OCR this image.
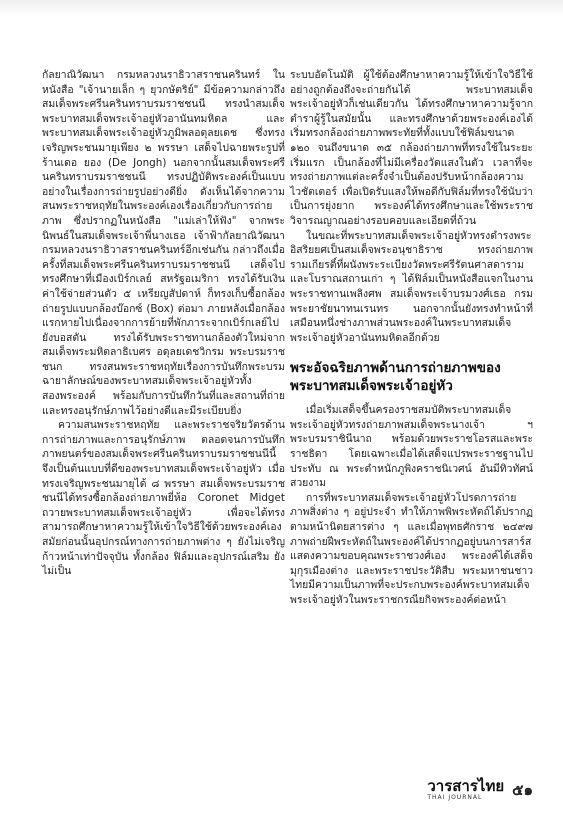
กัลยาณิวัฒนา กรมหลวงนราธิวาสราชนครินทร์ ในหนังสือ "เจ้านายเล็ก ๆ ยุวกษัตริย์" มีข้อความกล่าวถึงสมเด็จพระศรีนครินทราบรมราชชนนี ทรงนำสมเด็จพระบาทสมเด็จพระเจ้าอยู่หัวอานันทมหิดล และพระบาทสมเด็จพระเจ้าอยู่หัวภูมิพลอดุลยเดช ซึ่งทรงเจริญพระชนมายุเพียง ๒ พรรษา เสด็จไปฉายพระรูปที่ ร้านเดอ ยอง (De Jongh) นอกจากนั้นสมเด็จพระศรีนครินทราบรมราชชนนี ทรงปฏิบัติพระองค์เป็นแบบอย่างในเรื่องการถ่ายรูปอย่างดียิ่ง ดังเห็นได้จากความสนพระราชหฤทัยในพระองค์เองเรื่องเกี่ยวกับการถ่ายภาพ ซึ่งปรากฏในหนังสือ "แม่เล่าให้ฟัง" จากพระนิพนธ์ในสมเด็จพระเจ้าพี่นางเธอ เจ้าฟ้ากัลยาณิวัฒนา กรมหลวงนราธิวาสราชนครินทร์อีกเช่นกัน กล่าวถึงเมื่อครั้งที่สมเด็จพระศรีนครินทราบรมราชชนนี เสด็จไปทรงศึกษาที่เมืองเบิร์กเลย์ สหรัฐอเมริกา ทรงได้รับเงินค่าใช้จ่ายส่วนตัว ๕ เหรียญสัปดาห์ ก็ทรงเก็บซื้อกล้องถ่ายรูปแบบกล้องบ๊อกซ์ (Box) ต่อมา ภายหลังเมื่อกล้องแรกหายไปเนื่องจากการย้ายที่พักภาระจากเบิร์กเลย์ไปยังบอสตัน ทรงได้รับพระราชทานกล้องตัวใหม่จากสมเด็จพระมหิตลาธิเบศร อดุลยเดชวิกรม พระบรมราชชนก ทรงสนพระราชหฤทัยเรื่องการบันทึกพระบรมฉายาลักษณ์ของพระบาทสมเด็จพระเจ้าอยู่หัวทั้งสองพระองค์ พร้อมกับการบันทึกวันที่และสถานที่ถ่ายและทรงอนุรักษ์ภาพไว้อย่างดีและมีระเบียบยิ่ง

ความสนพระราชหฤทัย และพระราชจริยวัตรด้านการถ่ายภาพและการอนุรักษ์ภาพ ตลอดจนการบันทึกภาพยนตร์ของสมเด็จพระศรีนครินทราบรมราชชนนีนี้ จึงเป็นต้นแบบที่ดีของพระบาทสมเด็จพระเจ้าอยู่หัว เมื่อทรงเจริญพระชนมายุได้ ๘ พรรษา สมเด็จพระบรมราชชนนีได้ทรงซื้อกล้องถ่ายภาพยี่ห้อ Coronet Midget ถวายพระบาทสมเด็จพระเจ้าอยู่หัว เพื่อจะได้ทรงสามารถศึกษาหาความรู้ให้เข้าใจวิธีใช้ด้วยพระองค์เอง สมัยก่อนนั้นอุปกรณ์ทางการถ่ายภาพต่าง ๆ ยังไม่เจริญก้าวหน้าเท่าปัจจุบัน ทั้งกล้อง ฟิล์มและอุปกรณ์เสริม ยังไม่เป็น

ระบบอัตโนมัติ ผู้ใช้ต้องศึกษาหาความรู้ให้เข้าใจวิธีใช้อย่างถูกต้องถึงจะถ่ายกันได้ พระบาทสมเด็จพระเจ้าอยู่หัวก็เช่นเดียวกัน ได้ทรงศึกษาหาความรู้จากตำราผู้รู้ในสมัยนั้น และทรงศึกษาด้วยพระองค์เองได้เริ่มทรงกล้องถ่ายภาพพระทัยที่ทั้งแบบใช้ฟิล์มขนาด ๑๒๐ จนถึงขนาด ๓๕ กล้องถ่ายภาพที่ทรงใช้ในระยะเริ่มแรก เป็นกล้องที่ไม่มีเครื่องวัดแสงในตัว เวลาที่จะทรงถ่ายภาพแต่ละครั้งจำเป็นต้องปรับหน้ากล้องความไวชัตเตอร์ เพื่อเปิดรับแสงให้พอดีกับฟิล์มที่ทรงใช้นับว่าเป็นการยุ่งยาก พระองค์ได้ทรงศึกษาและใช้พระราชวิจารณญาณอย่างรอบคอบและเอียดที่ถ้วน

ในขณะที่พระบาทสมเด็จพระเจ้าอยู่หัวทรงดำรงพระอิสริยยศเป็นสมเด็จพระอนุชาธิราช ทรงถ่ายภาพรามเกียรติ์ที่ผนังพระระเบียงวัดพระศรีรัตนศาสดารามและโบราณสถานเก่า ๆ ได้ฟิล์มเป็นหนังสือแจกในงานพระราชทานเพลิงศพ สมเด็จพระเจ้าบรมวงศ์เธอ กรมพระยาชัยนาทนเรนทร นอกจากนั้นยังทรงทำหน้าที่เสมือนหนึ่งช่างภาพส่วนพระองค์ในพระบาทสมเด็จพระเจ้าอยู่หัวอานันทมหิดลอีกด้วย

พระอัจฉริยภาพด้านการถ่ายภาพของพระบาทสมเด็จพระเจ้าอยู่หัว

เมื่อเริ่มเสด็จขึ้นครองราชสมบัติพระบาทสมเด็จพระเจ้าอยู่หัวทรงถ่ายภาพสมเด็จพระนางเจ้า ฯ พระบรมราชินีนาถ พร้อมด้วยพระราชโอรสและพระราชธิดา โดยเฉพาะเมื่อได้เสด็จแปรพระราชฐานไปประทับ ณ พระตำหนักภูพิงคราชนิเวศน์ อันมีทิวทัศน์สวยงาม

การที่พระบาทสมเด็จพระเจ้าอยู่หัวโปรดการถ่ายภาพสิ่งต่าง ๆ อยู่ประจำ ทำให้ภาพพิพระหัตถ์ได้ปรากฏตามหน้านิตยสารต่าง ๆ และเมื่อพุทธศักราช ๒๔๙๗ ภาพถ่ายฝีพระหัตถ์ในพระองค์ได้ปรากฏอยู่บนการสาร์สแสดงความขอบคุณพระราชวงศ์เอง พระองค์ได้เสด็จมุกุรเมืองต่าง และพระราชประวัติสืบ พระมหาชนชาวไทยมีความเป็นภาพที่จะประกบพระองค์พระบาทสมเด็จพระเจ้าอยู่หัวในพระราชกรณียกิจพระองค์ต่อหน้า

วารสารไทย
THAI JOURNAL ๕๑
